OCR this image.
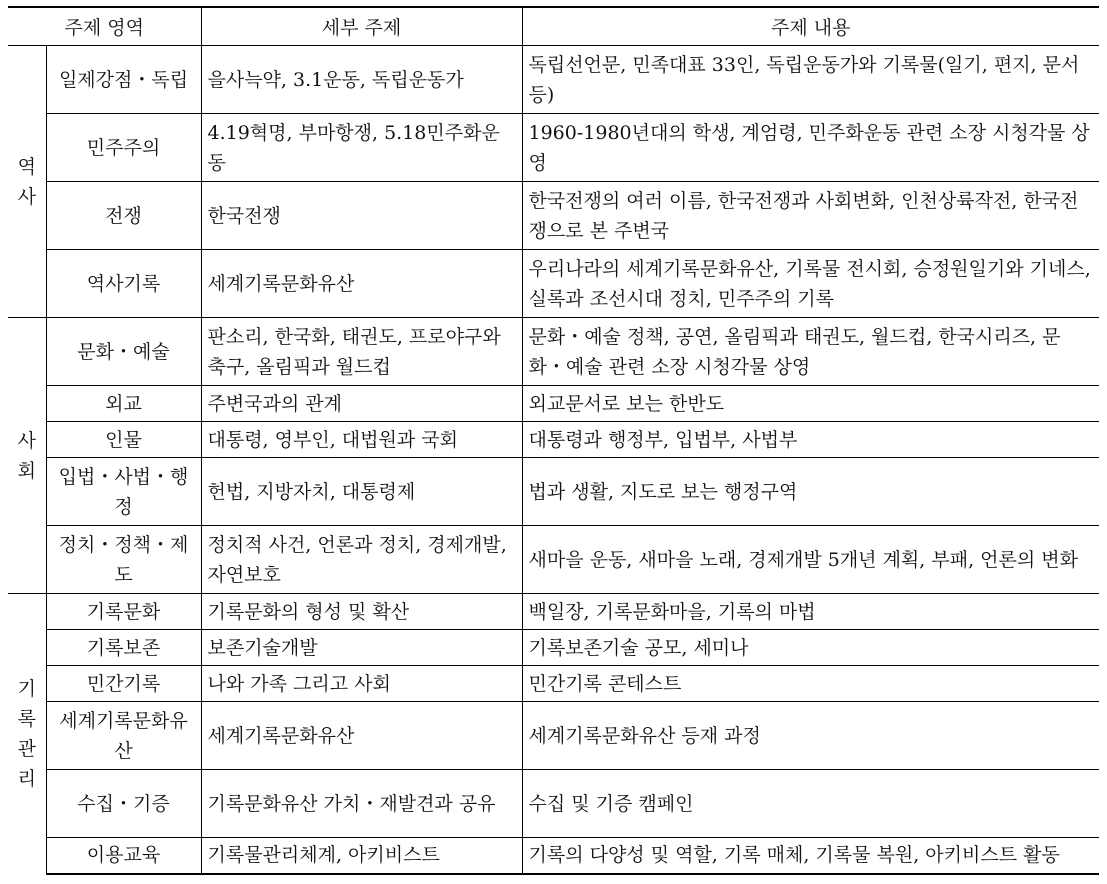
주제 영역		세부 주제	주제 내용

역사	일제강점・독립	을사늑약, 3.1운동, 독립운동가	독립선언문, 민족대표 33인, 독립운동가와 기록물(일기, 편지, 문서 등)
	민주주의	4.19혁명, 부마항쟁, 5.18민주화운동	1960-1980년대의 학생, 계엄령, 민주화운동 관련 소장 시청각물 상영
	전쟁	한국전쟁	한국전쟁의 여러 이름, 한국전쟁과 사회변화, 인천상륙작전, 한국전쟁으로 본 주변국
	역사기록	세계기록문화유산	우리나라의 세계기록문화유산, 기록물 전시회, 승정원일기와 기네스, 실록과 조선시대 정치, 민주주의 기록

사회	문화・예술	판소리, 한국화, 태권도, 프로야구와 축구, 올림픽과 월드컵	문화・예술 정책, 공연, 올림픽과 태권도, 월드컵, 한국시리즈, 문화・예술 관련 소장 시청각물 상영
	외교	주변국과의 관계	외교문서로 보는 한반도
	인물	대통령, 영부인, 대법원과 국회	대통령과 행정부, 입법부, 사법부
	입법・사법・행정	헌법, 지방자치, 대통령제	법과 생활, 지도로 보는 행정구역
	정치・정책・제도	정치적 사건, 언론과 정치, 경제개발, 자연보호	새마을 운동, 새마을 노래, 경제개발 5개년 계획, 부패, 언론의 변화

기록관리	기록문화	기록문화의 형성 및 확산	백일장, 기록문화마을, 기록의 마법
	기록보존	보존기술개발	기록보존기술 공모, 세미나
	민간기록	나와 가족 그리고 사회	민간기록 콘테스트
	세계기록문화유산	세계기록문화유산	세계기록문화유산 등재 과정
	수집・기증	기록문화유산 가치・재발견과 공유	수집 및 기증 캠페인
	이용교육	기록물관리체계, 아키비스트	기록의 다양성 및 역할, 기록 매체, 기록물 복원, 아키비스트 활동
